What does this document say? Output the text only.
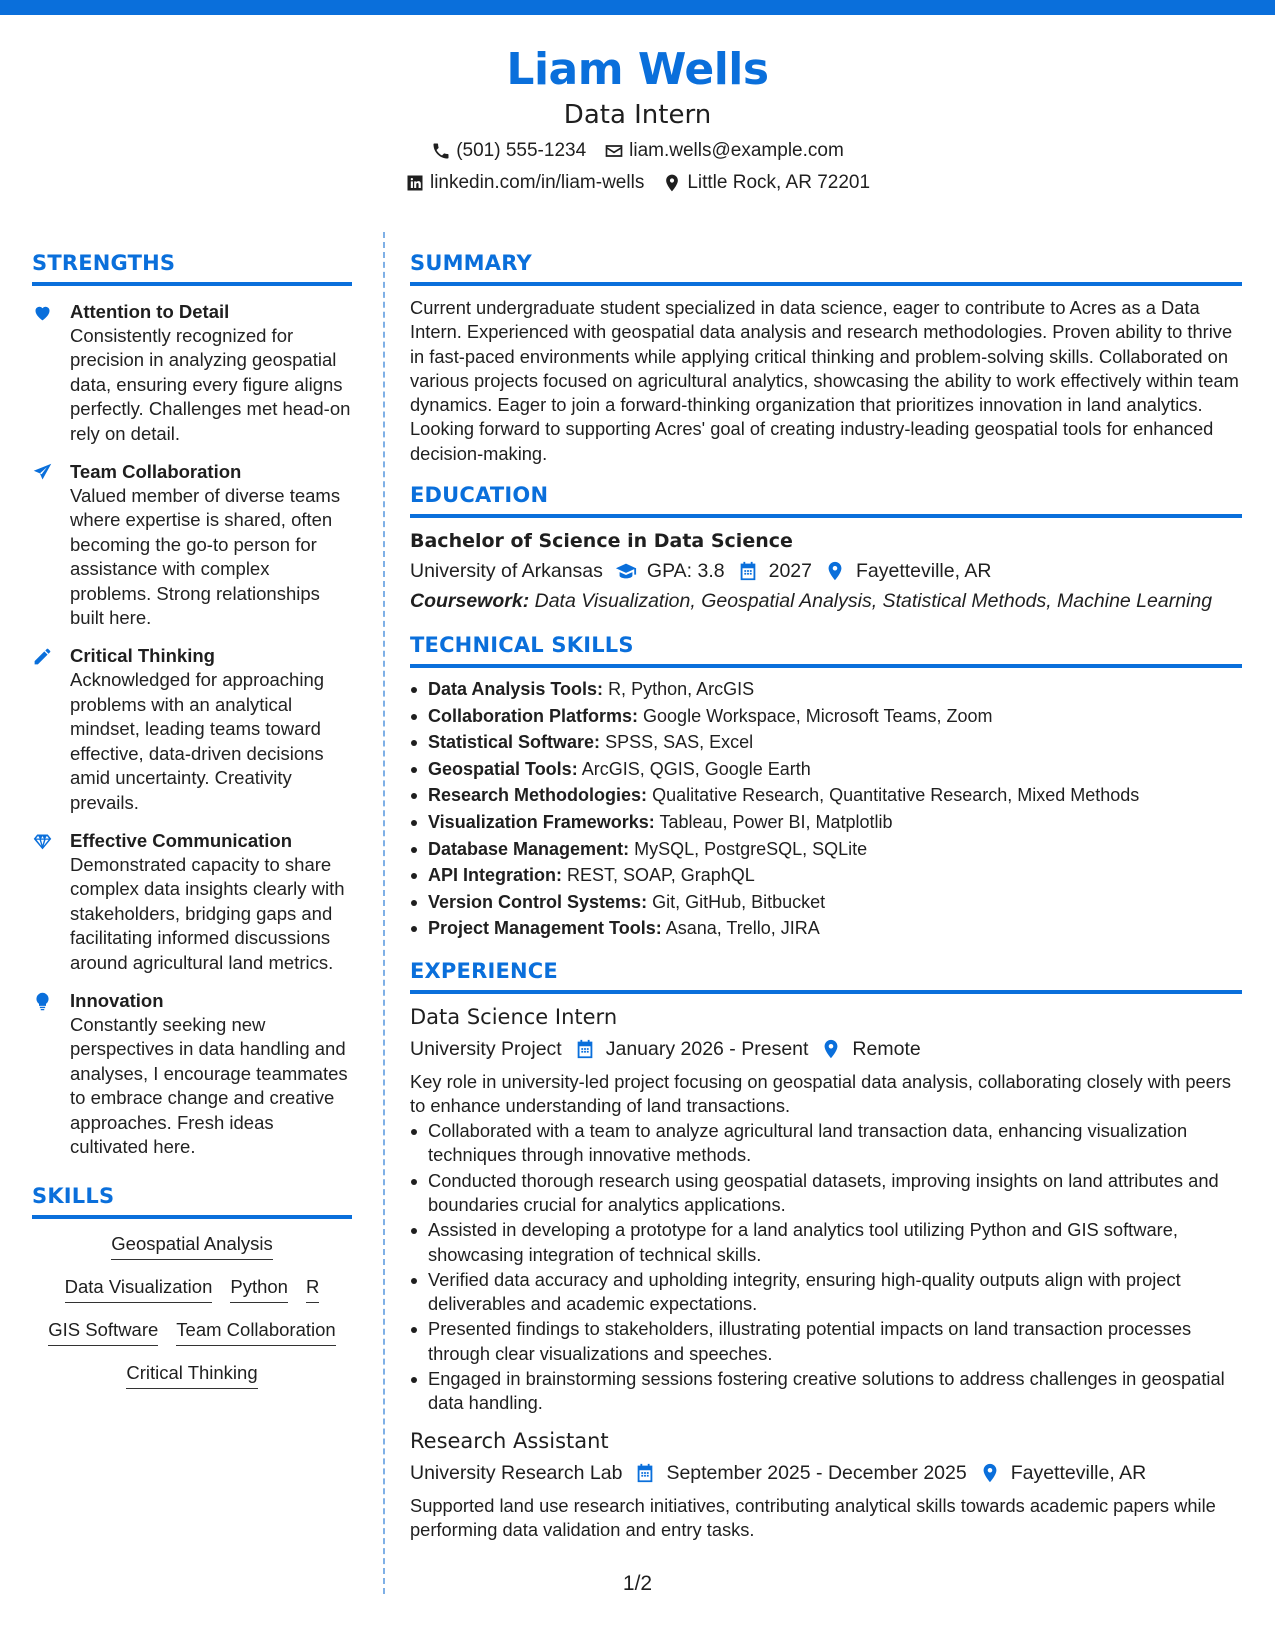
Liam Wells
Data Intern
(501) 555-1234 liam.wells@example.com
linkedin.com/in/liam-wells Little Rock, AR 72201
STRENGTHS
Attention to Detail
Consistently recognized for precision in analyzing geospatial data, ensuring every figure aligns perfectly. Challenges met head-on rely on detail.
Team Collaboration
Valued member of diverse teams where expertise is shared, often becoming the go-to person for assistance with complex problems. Strong relationships built here.
Critical Thinking
Acknowledged for approaching problems with an analytical mindset, leading teams toward effective, data-driven decisions amid uncertainty. Creativity prevails.
Effective Communication
Demonstrated capacity to share complex data insights clearly with stakeholders, bridging gaps and facilitating informed discussions around agricultural land metrics.
Innovation
Constantly seeking new perspectives in data handling and analyses, I encourage teammates to embrace change and creative approaches. Fresh ideas cultivated here.
SKILLS
Geospatial Analysis
Data Visualization Python R
GIS Software Team Collaboration
Critical Thinking
SUMMARY
Current undergraduate student specialized in data science, eager to contribute to Acres as a Data Intern. Experienced with geospatial data analysis and research methodologies. Proven ability to thrive in fast-paced environments while applying critical thinking and problem-solving skills. Collaborated on various projects focused on agricultural analytics, showcasing the ability to work effectively within team dynamics. Eager to join a forward-thinking organization that prioritizes innovation in land analytics. Looking forward to supporting Acres' goal of creating industry-leading geospatial tools for enhanced decision-making.
EDUCATION
Bachelor of Science in Data Science
University of Arkansas GPA: 3.8 2027 Fayetteville, AR
Coursework: Data Visualization, Geospatial Analysis, Statistical Methods, Machine Learning
TECHNICAL SKILLS
Data Analysis Tools: R, Python, ArcGIS
Collaboration Platforms: Google Workspace, Microsoft Teams, Zoom
Statistical Software: SPSS, SAS, Excel
Geospatial Tools: ArcGIS, QGIS, Google Earth
Research Methodologies: Qualitative Research, Quantitative Research, Mixed Methods
Visualization Frameworks: Tableau, Power BI, Matplotlib
Database Management: MySQL, PostgreSQL, SQLite
API Integration: REST, SOAP, GraphQL
Version Control Systems: Git, GitHub, Bitbucket
Project Management Tools: Asana, Trello, JIRA
EXPERIENCE
Data Science Intern
University Project January 2026 - Present Remote
Key role in university-led project focusing on geospatial data analysis, collaborating closely with peers to enhance understanding of land transactions.
Collaborated with a team to analyze agricultural land transaction data, enhancing visualization techniques through innovative methods.
Conducted thorough research using geospatial datasets, improving insights on land attributes and boundaries crucial for analytics applications.
Assisted in developing a prototype for a land analytics tool utilizing Python and GIS software, showcasing integration of technical skills.
Verified data accuracy and upholding integrity, ensuring high-quality outputs align with project deliverables and academic expectations.
Presented findings to stakeholders, illustrating potential impacts on land transaction processes through clear visualizations and speeches.
Engaged in brainstorming sessions fostering creative solutions to address challenges in geospatial data handling.
Research Assistant
University Research Lab September 2025 - December 2025 Fayetteville, AR
Supported land use research initiatives, contributing analytical skills towards academic papers while performing data validation and entry tasks.
1/2
